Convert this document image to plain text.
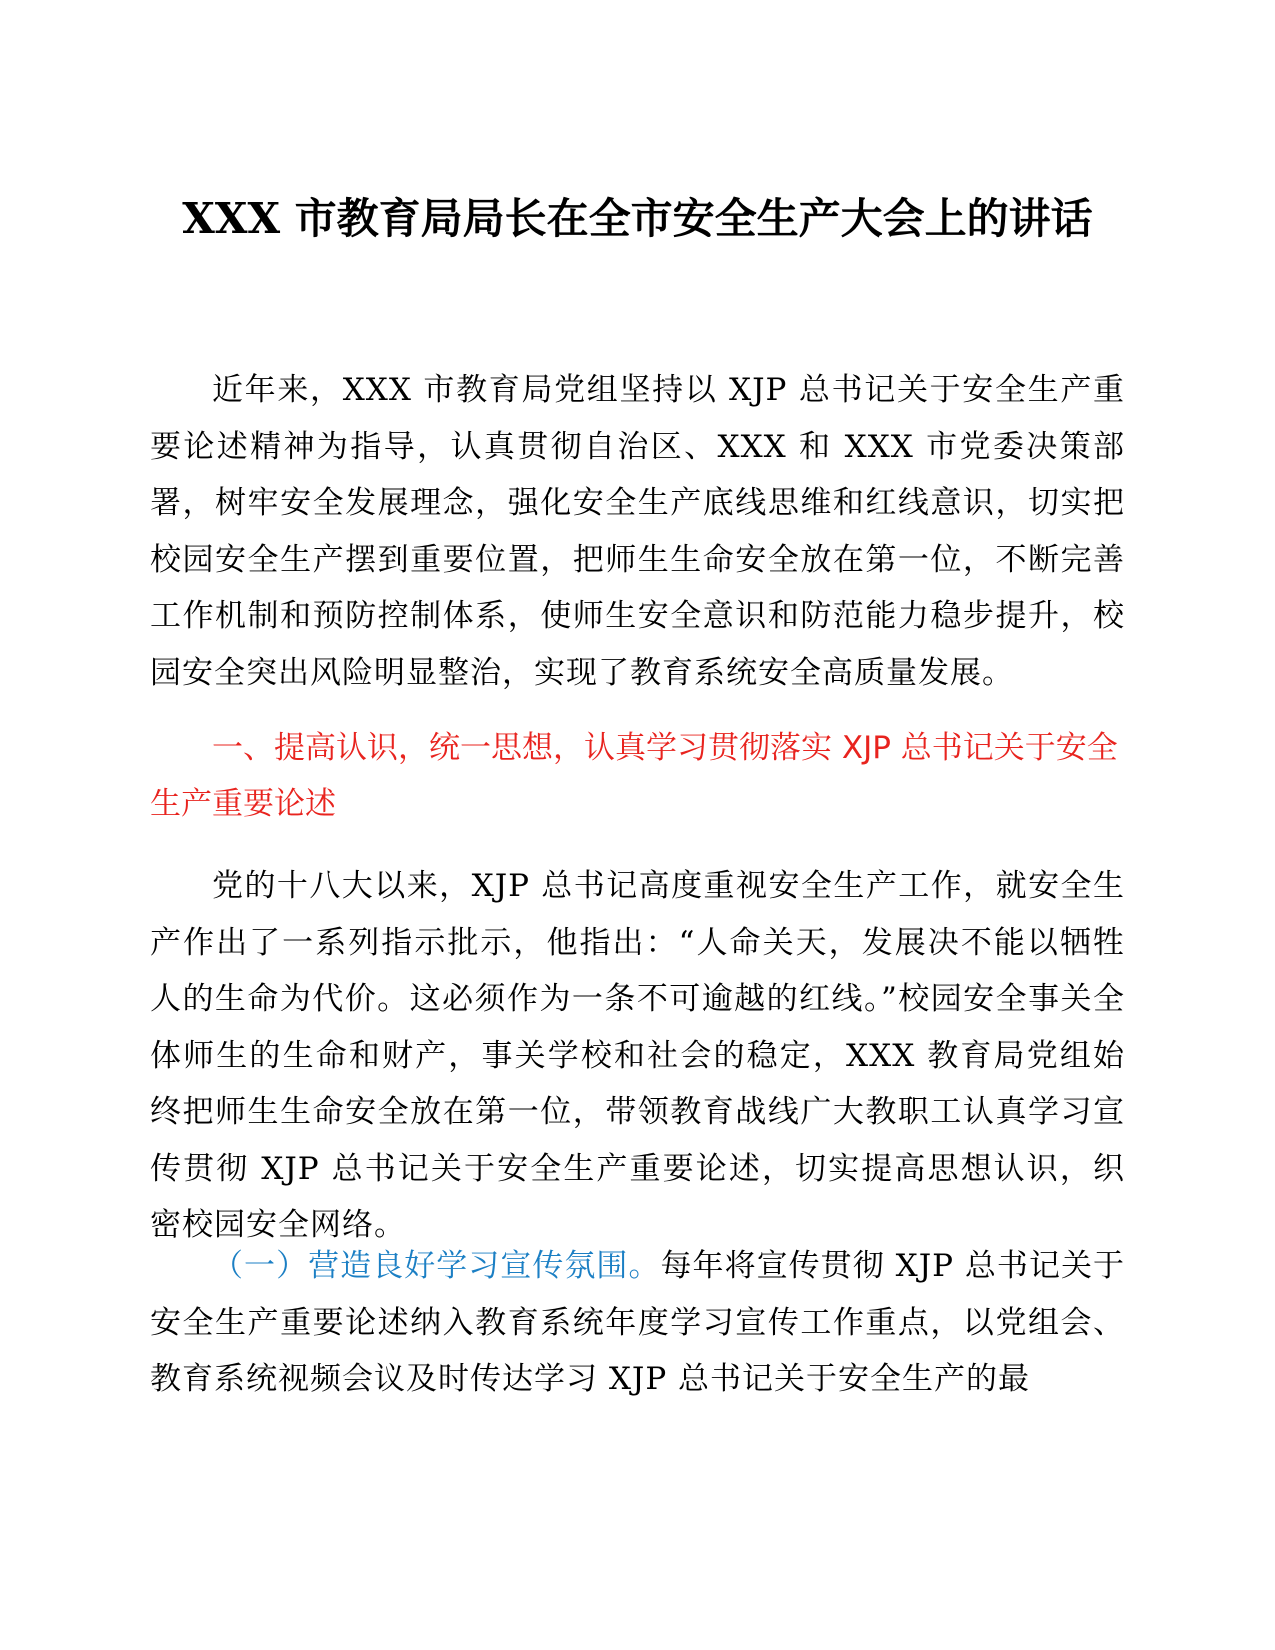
XXX 市教育局局长在全市安全生产大会上的讲话

近年来，XXX 市教育局党组坚持以 XJP 总书记关于安全生产重要论述精神为指导，认真贯彻自治区、XXX 和 XXX 市党委决策部署，树牢安全发展理念，强化安全生产底线思维和红线意识，切实把校园安全生产摆到重要位置，把师生生命安全放在第一位，不断完善工作机制和预防控制体系，使师生安全意识和防范能力稳步提升，校园安全突出风险明显整治，实现了教育系统安全高质量发展。

一、提高认识，统一思想，认真学习贯彻落实 XJP 总书记关于安全生产重要论述

党的十八大以来，XJP 总书记高度重视安全生产工作，就安全生产作出了一系列指示批示，他指出：“人命关天，发展决不能以牺牲人的生命为代价。这必须作为一条不可逾越的红线。”校园安全事关全体师生的生命和财产，事关学校和社会的稳定，XXX 教育局党组始终把师生生命安全放在第一位，带领教育战线广大教职工认真学习宣传贯彻 XJP 总书记关于安全生产重要论述，切实提高思想认识，织密校园安全网络。

（一）营造良好学习宣传氛围。每年将宣传贯彻 XJP 总书记关于安全生产重要论述纳入教育系统年度学习宣传工作重点，以党组会、教育系统视频会议及时传达学习 XJP 总书记关于安全生产的最
